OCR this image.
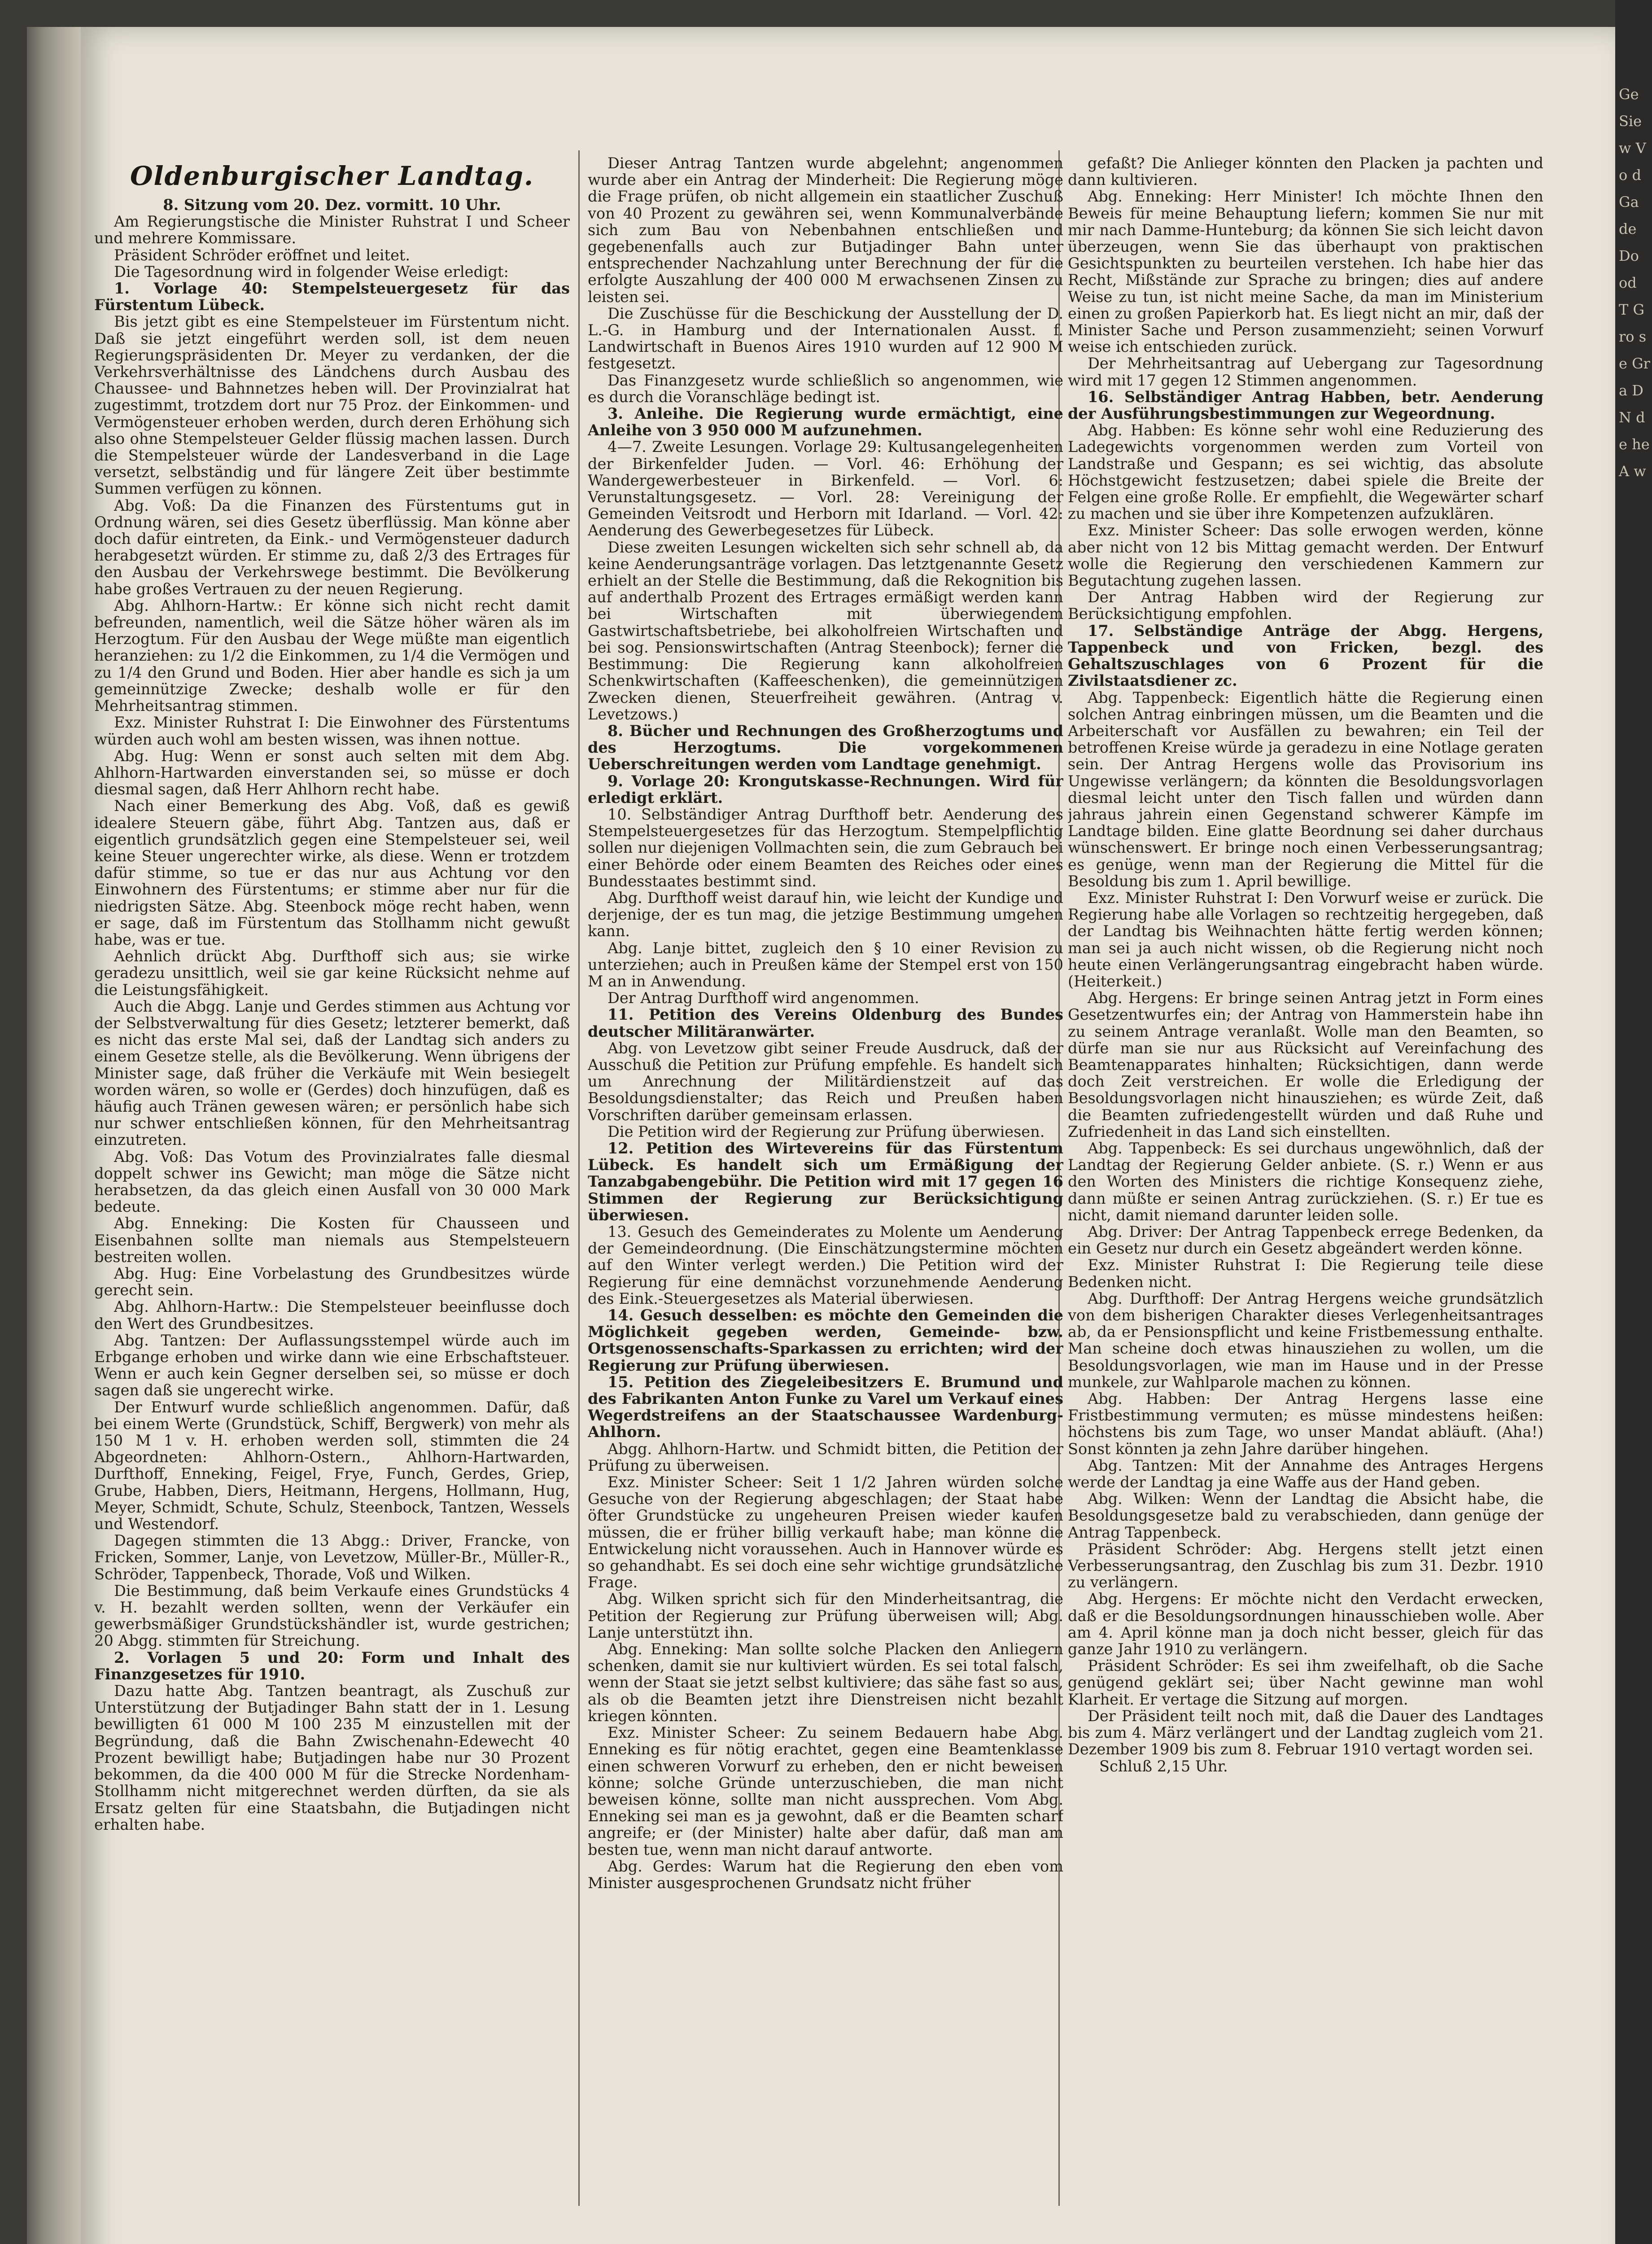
Oldenburgischer Landtag.

8. Sitzung vom 20. Dez. vormitt. 10 Uhr.

Am Regierungstische die Minister Ruhstrat I und Scheer und mehrere Kommissare.

Präsident Schröder eröffnet und leitet.

Die Tagesordnung wird in folgender Weise erledigt:

1. Vorlage 40: Stempelsteuergesetz für das Fürstentum Lübeck.

Bis jetzt gibt es eine Stempelsteuer im Fürstentum nicht. Daß sie jetzt eingeführt werden soll, ist dem neuen Regierungspräsidenten Dr. Meyer zu verdanken, der die Verkehrsverhältnisse des Ländchens durch Ausbau des Chaussee- und Bahnnetzes heben will. Der Provinzialrat hat zugestimmt, trotzdem dort nur 75 Proz. der Einkommen- und Vermögensteuer erhoben werden, durch deren Erhöhung sich also ohne Stempelsteuer Gelder flüssig machen lassen. Durch die Stempelsteuer würde der Landesverband in die Lage versetzt, selbständig und für längere Zeit über bestimmte Summen verfügen zu können.

Abg. Voß: Da die Finanzen des Fürstentums gut in Ordnung wären, sei dies Gesetz überflüssig. Man könne aber doch dafür eintreten, da Eink.- und Vermögensteuer dadurch herabgesetzt würden. Er stimme zu, daß 2/3 des Ertrages für den Ausbau der Verkehrswege bestimmt. Die Bevölkerung habe großes Vertrauen zu der neuen Regierung.

Abg. Ahlhorn-Hartw.: Er könne sich nicht recht damit befreunden, namentlich, weil die Sätze höher wären als im Herzogtum. Für den Ausbau der Wege müßte man eigentlich heranziehen: zu 1/2 die Einkommen, zu 1/4 die Vermögen und zu 1/4 den Grund und Boden. Hier aber handle es sich ja um gemeinnützige Zwecke; deshalb wolle er für den Mehrheitsantrag stimmen.

Exz. Minister Ruhstrat I: Die Einwohner des Fürstentums würden auch wohl am besten wissen, was ihnen nottue.

Abg. Hug: Wenn er sonst auch selten mit dem Abg. Ahlhorn-Hartwarden einverstanden sei, so müsse er doch diesmal sagen, daß Herr Ahlhorn recht habe.

Nach einer Bemerkung des Abg. Voß, daß es gewiß idealere Steuern gäbe, führt Abg. Tantzen aus, daß er eigentlich grundsätzlich gegen eine Stempelsteuer sei, weil keine Steuer ungerechter wirke, als diese. Wenn er trotzdem dafür stimme, so tue er das nur aus Achtung vor den Einwohnern des Fürstentums; er stimme aber nur für die niedrigsten Sätze. Abg. Steenbock möge recht haben, wenn er sage, daß im Fürstentum das Stollhamm nicht gewußt habe, was er tue.

Aehnlich drückt Abg. Durfthoff sich aus; sie wirke geradezu unsittlich, weil sie gar keine Rücksicht nehme auf die Leistungsfähigkeit.

Auch die Abgg. Lanje und Gerdes stimmen aus Achtung vor der Selbstverwaltung für dies Gesetz; letzterer bemerkt, daß es nicht das erste Mal sei, daß der Landtag sich anders zu einem Gesetze stelle, als die Bevölkerung. Wenn übrigens der Minister sage, daß früher die Verkäufe mit Wein besiegelt worden wären, so wolle er (Gerdes) doch hinzufügen, daß es häufig auch Tränen gewesen wären; er persönlich habe sich nur schwer entschließen können, für den Mehrheitsantrag einzutreten.

Abg. Voß: Das Votum des Provinzialrates falle diesmal doppelt schwer ins Gewicht; man möge die Sätze nicht herabsetzen, da das gleich einen Ausfall von 30 000 Mark bedeute.

Abg. Enneking: Die Kosten für Chausseen und Eisenbahnen sollte man niemals aus Stempelsteuern bestreiten wollen.

Abg. Hug: Eine Vorbelastung des Grundbesitzes würde gerecht sein.

Abg. Ahlhorn-Hartw.: Die Stempelsteuer beeinflusse doch den Wert des Grundbesitzes.

Abg. Tantzen: Der Auflassungsstempel würde auch im Erbgange erhoben und wirke dann wie eine Erbschaftsteuer. Wenn er auch kein Gegner derselben sei, so müsse er doch sagen daß sie ungerecht wirke.

Der Entwurf wurde schließlich angenommen. Dafür, daß bei einem Werte (Grundstück, Schiff, Bergwerk) von mehr als 150 M 1 v. H. erhoben werden soll, stimmten die 24 Abgeordneten: Ahlhorn-Ostern., Ahlhorn-Hartwarden, Durfthoff, Enneking, Feigel, Frye, Funch, Gerdes, Griep, Grube, Habben, Diers, Heitmann, Hergens, Hollmann, Hug, Meyer, Schmidt, Schute, Schulz, Steenbock, Tantzen, Wessels und Westendorf.

Dagegen stimmten die 13 Abgg.: Driver, Francke, von Fricken, Sommer, Lanje, von Levetzow, Müller-Br., Müller-R., Schröder, Tappenbeck, Thorade, Voß und Wilken.

Die Bestimmung, daß beim Verkaufe eines Grundstücks 4 v. H. bezahlt werden sollten, wenn der Verkäufer ein gewerbsmäßiger Grundstückshändler ist, wurde gestrichen; 20 Abgg. stimmten für Streichung.

2. Vorlagen 5 und 20: Form und Inhalt des Finanzgesetzes für 1910.

Dazu hatte Abg. Tantzen beantragt, als Zuschuß zur Unterstützung der Butjadinger Bahn statt der in 1. Lesung bewilligten 61 000 M 100 235 M einzustellen mit der Begründung, daß die Bahn Zwischenahn-Edewecht 40 Prozent bewilligt habe; Butjadingen habe nur 30 Prozent bekommen, da die 400 000 M für die Strecke Nordenham-Stollhamm nicht mitgerechnet werden dürften, da sie als Ersatz gelten für eine Staatsbahn, die Butjadingen nicht erhalten habe.

Dieser Antrag Tantzen wurde abgelehnt; angenommen wurde aber ein Antrag der Minderheit: Die Regierung möge die Frage prüfen, ob nicht allgemein ein staatlicher Zuschuß von 40 Prozent zu gewähren sei, wenn Kommunalverbände sich zum Bau von Nebenbahnen entschließen und gegebenenfalls auch zur Butjadinger Bahn unter entsprechender Nachzahlung unter Berechnung der für die erfolgte Auszahlung der 400 000 M erwachsenen Zinsen zu leisten sei.

Die Zuschüsse für die Beschickung der Ausstellung der D. L.-G. in Hamburg und der Internationalen Ausst. f. Landwirtschaft in Buenos Aires 1910 wurden auf 12 900 M festgesetzt.

Das Finanzgesetz wurde schließlich so angenommen, wie es durch die Voranschläge bedingt ist.

3. Anleihe. Die Regierung wurde ermächtigt, eine Anleihe von 3 950 000 M aufzunehmen.

4—7. Zweite Lesungen. Vorlage 29: Kultusangelegenheiten der Birkenfelder Juden. — Vorl. 46: Erhöhung der Wandergewerbesteuer in Birkenfeld. — Vorl. 6: Verunstaltungsgesetz. — Vorl. 28: Vereinigung der Gemeinden Veitsrodt und Herborn mit Idarland. — Vorl. 42: Aenderung des Gewerbegesetzes für Lübeck.

Diese zweiten Lesungen wickelten sich sehr schnell ab, da keine Aenderungsanträge vorlagen. Das letztgenannte Gesetz erhielt an der Stelle die Bestimmung, daß die Rekognition bis auf anderthalb Prozent des Ertrages ermäßigt werden kann bei Wirtschaften mit überwiegendem Gastwirtschaftsbetriebe, bei alkoholfreien Wirtschaften und bei sog. Pensionswirtschaften (Antrag Steenbock); ferner die Bestimmung: Die Regierung kann alkoholfreien Schenkwirtschaften (Kaffeeschenken), die gemeinnützigen Zwecken dienen, Steuerfreiheit gewähren. (Antrag v. Levetzows.)

8. Bücher und Rechnungen des Großherzogtums und des Herzogtums. Die vorgekommenen Ueberschreitungen werden vom Landtage genehmigt.

9. Vorlage 20: Krongutskasse-Rechnungen. Wird für erledigt erklärt.

10. Selbständiger Antrag Durfthoff betr. Aenderung des Stempelsteuergesetzes für das Herzogtum. Stempelpflichtig sollen nur diejenigen Vollmachten sein, die zum Gebrauch bei einer Behörde oder einem Beamten des Reiches oder eines Bundesstaates bestimmt sind.

Abg. Durfthoff weist darauf hin, wie leicht der Kundige und derjenige, der es tun mag, die jetzige Bestimmung umgehen kann.

Abg. Lanje bittet, zugleich den § 10 einer Revision zu unterziehen; auch in Preußen käme der Stempel erst von 150 M an in Anwendung.

Der Antrag Durfthoff wird angenommen.

11. Petition des Vereins Oldenburg des Bundes deutscher Militäranwärter.

Abg. von Levetzow gibt seiner Freude Ausdruck, daß der Ausschuß die Petition zur Prüfung empfehle. Es handelt sich um Anrechnung der Militärdienstzeit auf das Besoldungsdienstalter; das Reich und Preußen haben Vorschriften darüber gemeinsam erlassen.

Die Petition wird der Regierung zur Prüfung überwiesen.

12. Petition des Wirtevereins für das Fürstentum Lübeck. Es handelt sich um Ermäßigung der Tanzabgabengebühr. Die Petition wird mit 17 gegen 16 Stimmen der Regierung zur Berücksichtigung überwiesen.

13. Gesuch des Gemeinderates zu Molente um Aenderung der Gemeindeordnung. (Die Einschätzungstermine möchten auf den Winter verlegt werden.) Die Petition wird der Regierung für eine demnächst vorzunehmende Aenderung des Eink.-Steuergesetzes als Material überwiesen.

14. Gesuch desselben: es möchte den Gemeinden die Möglichkeit gegeben werden, Gemeinde- bzw. Ortsgenossenschafts-Sparkassen zu errichten; wird der Regierung zur Prüfung überwiesen.

15. Petition des Ziegeleibesitzers E. Brumund und des Fabrikanten Anton Funke zu Varel um Verkauf eines Wegerdstreifens an der Staatschaussee Wardenburg-Ahlhorn.

Abgg. Ahlhorn-Hartw. und Schmidt bitten, die Petition der Prüfung zu überweisen.

Exz. Minister Scheer: Seit 1 1/2 Jahren würden solche Gesuche von der Regierung abgeschlagen; der Staat habe öfter Grundstücke zu ungeheuren Preisen wieder kaufen müssen, die er früher billig verkauft habe; man könne die Entwickelung nicht voraussehen. Auch in Hannover würde es so gehandhabt. Es sei doch eine sehr wichtige grundsätzliche Frage.

Abg. Wilken spricht sich für den Minderheitsantrag, die Petition der Regierung zur Prüfung überweisen will; Abg. Lanje unterstützt ihn.

Abg. Enneking: Man sollte solche Placken den Anliegern schenken, damit sie nur kultiviert würden. Es sei total falsch, wenn der Staat sie jetzt selbst kultiviere; das sähe fast so aus, als ob die Beamten jetzt ihre Dienstreisen nicht bezahlt kriegen könnten.

Exz. Minister Scheer: Zu seinem Bedauern habe Abg. Enneking es für nötig erachtet, gegen eine Beamtenklasse einen schweren Vorwurf zu erheben, den er nicht beweisen könne; solche Gründe unterzuschieben, die man nicht beweisen könne, sollte man nicht aussprechen. Vom Abg. Enneking sei man es ja gewohnt, daß er die Beamten scharf angreife; er (der Minister) halte aber dafür, daß man am besten tue, wenn man nicht darauf antworte.

Abg. Gerdes: Warum hat die Regierung den eben vom Minister ausgesprochenen Grundsatz nicht früher

gefaßt? Die Anlieger könnten den Placken ja pachten und dann kultivieren.

Abg. Enneking: Herr Minister! Ich möchte Ihnen den Beweis für meine Behauptung liefern; kommen Sie nur mit mir nach Damme-Hunteburg; da können Sie sich leicht davon überzeugen, wenn Sie das überhaupt von praktischen Gesichtspunkten zu beurteilen verstehen. Ich habe hier das Recht, Mißstände zur Sprache zu bringen; dies auf andere Weise zu tun, ist nicht meine Sache, da man im Ministerium einen zu großen Papierkorb hat. Es liegt nicht an mir, daß der Minister Sache und Person zusammenzieht; seinen Vorwurf weise ich entschieden zurück.

Der Mehrheitsantrag auf Uebergang zur Tagesordnung wird mit 17 gegen 12 Stimmen angenommen.

16. Selbständiger Antrag Habben, betr. Aenderung der Ausführungsbestimmungen zur Wegeordnung.

Abg. Habben: Es könne sehr wohl eine Reduzierung des Ladegewichts vorgenommen werden zum Vorteil von Landstraße und Gespann; es sei wichtig, das absolute Höchstgewicht festzusetzen; dabei spiele die Breite der Felgen eine große Rolle. Er empfiehlt, die Wegewärter scharf zu machen und sie über ihre Kompetenzen aufzuklären.

Exz. Minister Scheer: Das solle erwogen werden, könne aber nicht von 12 bis Mittag gemacht werden. Der Entwurf wolle die Regierung den verschiedenen Kammern zur Begutachtung zugehen lassen.

Der Antrag Habben wird der Regierung zur Berücksichtigung empfohlen.

17. Selbständige Anträge der Abgg. Hergens, Tappenbeck und von Fricken, bezgl. des Gehaltszuschlages von 6 Prozent für die Zivilstaatsdiener zc.

Abg. Tappenbeck: Eigentlich hätte die Regierung einen solchen Antrag einbringen müssen, um die Beamten und die Arbeiterschaft vor Ausfällen zu bewahren; ein Teil der betroffenen Kreise würde ja geradezu in eine Notlage geraten sein. Der Antrag Hergens wolle das Provisorium ins Ungewisse verlängern; da könnten die Besoldungsvorlagen diesmal leicht unter den Tisch fallen und würden dann jahraus jahrein einen Gegenstand schwerer Kämpfe im Landtage bilden. Eine glatte Beordnung sei daher durchaus wünschenswert. Er bringe noch einen Verbesserungsantrag; es genüge, wenn man der Regierung die Mittel für die Besoldung bis zum 1. April bewillige.

Exz. Minister Ruhstrat I: Den Vorwurf weise er zurück. Die Regierung habe alle Vorlagen so rechtzeitig hergegeben, daß der Landtag bis Weihnachten hätte fertig werden können; man sei ja auch nicht wissen, ob die Regierung nicht noch heute einen Verlängerungsantrag eingebracht haben würde. (Heiterkeit.)

Abg. Hergens: Er bringe seinen Antrag jetzt in Form eines Gesetzentwurfes ein; der Antrag von Hammerstein habe ihn zu seinem Antrage veranlaßt. Wolle man den Beamten, so dürfe man sie nur aus Rücksicht auf Vereinfachung des Beamtenapparates hinhalten; Rücksichtigen, dann werde doch Zeit verstreichen. Er wolle die Erledigung der Besoldungsvorlagen nicht hinausziehen; es würde Zeit, daß die Beamten zufriedengestellt würden und daß Ruhe und Zufriedenheit in das Land sich einstellten.

Abg. Tappenbeck: Es sei durchaus ungewöhnlich, daß der Landtag der Regierung Gelder anbiete. (S. r.) Wenn er aus den Worten des Ministers die richtige Konsequenz ziehe, dann müßte er seinen Antrag zurückziehen. (S. r.) Er tue es nicht, damit niemand darunter leiden solle.

Abg. Driver: Der Antrag Tappenbeck errege Bedenken, da ein Gesetz nur durch ein Gesetz abgeändert werden könne.

Exz. Minister Ruhstrat I: Die Regierung teile diese Bedenken nicht.

Abg. Durfthoff: Der Antrag Hergens weiche grundsätzlich von dem bisherigen Charakter dieses Verlegenheitsantrages ab, da er Pensionspflicht und keine Fristbemessung enthalte. Man scheine doch etwas hinausziehen zu wollen, um die Besoldungsvorlagen, wie man im Hause und in der Presse munkele, zur Wahlparole machen zu können.

Abg. Habben: Der Antrag Hergens lasse eine Fristbestimmung vermuten; es müsse mindestens heißen: höchstens bis zum Tage, wo unser Mandat abläuft. (Aha!) Sonst könnten ja zehn Jahre darüber hingehen.

Abg. Tantzen: Mit der Annahme des Antrages Hergens werde der Landtag ja eine Waffe aus der Hand geben.

Abg. Wilken: Wenn der Landtag die Absicht habe, die Besoldungsgesetze bald zu verabschieden, dann genüge der Antrag Tappenbeck.

Präsident Schröder: Abg. Hergens stellt jetzt einen Verbesserungsantrag, den Zuschlag bis zum 31. Dezbr. 1910 zu verlängern.

Abg. Hergens: Er möchte nicht den Verdacht erwecken, daß er die Besoldungsordnungen hinausschieben wolle. Aber am 4. April könne man ja doch nicht besser, gleich für das ganze Jahr 1910 zu verlängern.

Präsident Schröder: Es sei ihm zweifelhaft, ob die Sache genügend geklärt sei; über Nacht gewinne man wohl Klarheit. Er vertage die Sitzung auf morgen.

Der Präsident teilt noch mit, daß die Dauer des Landtages bis zum 4. März verlängert und der Landtag zugleich vom 21. Dezember 1909 bis zum 8. Februar 1910 vertagt worden sei.

Schluß 2,15 Uhr.

Ge Sie w Vo d Ga de Do od T Gro se Gra D N de he A w
